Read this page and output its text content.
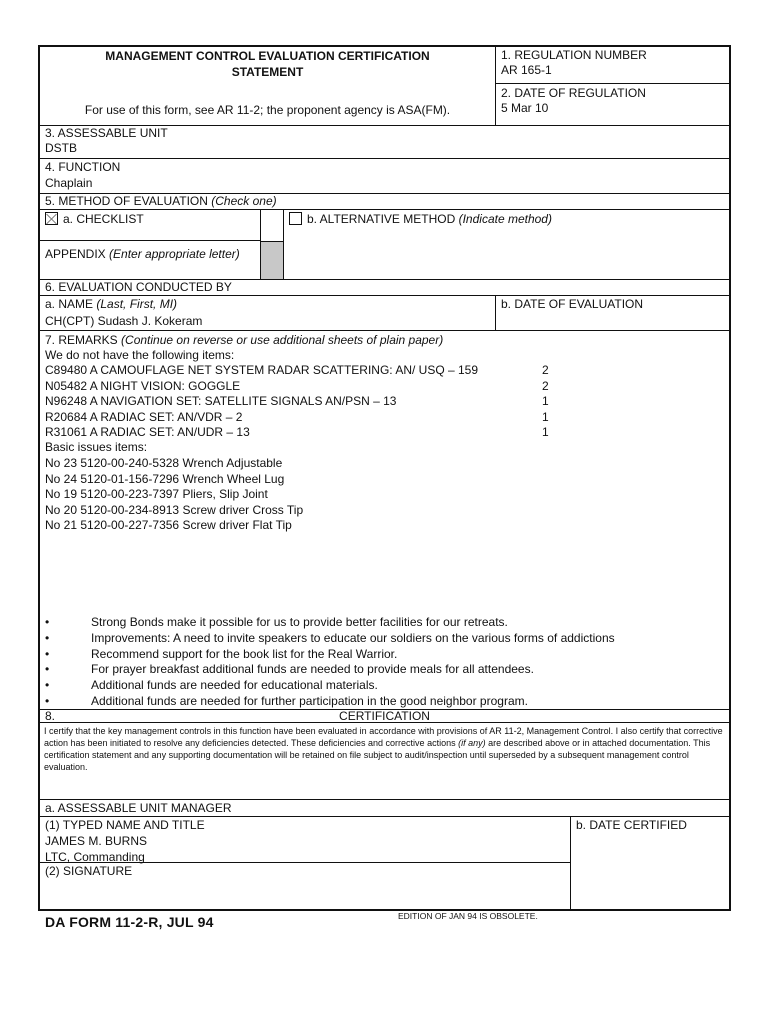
MANAGEMENT CONTROL EVALUATION CERTIFICATION
STATEMENT
For use of this form, see AR 11-2; the proponent agency is ASA(FM).
1. REGULATION NUMBER
AR 165-1
2. DATE OF REGULATION
5 Mar 10
3. ASSESSABLE UNIT
DSTB
4. FUNCTION
Chaplain
5. METHOD OF EVALUATION (Check one)
a. CHECKLIST
APPENDIX (Enter appropriate letter)
b. ALTERNATIVE METHOD (Indicate method)
6. EVALUATION CONDUCTED BY
a. NAME (Last, First, MI)
CH(CPT) Sudash J. Kokeram
b. DATE OF EVALUATION
7. REMARKS (Continue on reverse or use additional sheets of plain paper)
We do not have the following items:
C89480 A CAMOUFLAGE NET SYSTEM RADAR SCATTERING: AN/ USQ – 159	2
N05482 A NIGHT VISION: GOGGLE	2
N96248 A NAVIGATION SET: SATELLITE SIGNALS AN/PSN – 13	1
R20684 A RADIAC SET: AN/VDR – 2	1
R31061 A RADIAC SET: AN/UDR – 13	1
Basic issues items:
No 23 5120-00-240-5328 Wrench Adjustable
No 24 5120-01-156-7296 Wrench Wheel Lug
No 19 5120-00-223-7397 Pliers, Slip Joint
No 20 5120-00-234-8913 Screw driver Cross Tip
No 21 5120-00-227-7356 Screw driver Flat Tip
•	Strong Bonds make it possible for us to provide better facilities for our retreats.
•	Improvements: A need to invite speakers to educate our soldiers on the various forms of addictions
•	Recommend support for the book list for the Real Warrior.
•	For prayer breakfast additional funds are needed to provide meals for all attendees.
•	Additional funds are needed for educational materials.
•	Additional funds are needed for further participation in the good neighbor program.
8.	CERTIFICATION
I certify that the key management controls in this function have been evaluated in accordance with provisions of AR 11-2, Management Control. I also certify that corrective action has been initiated to resolve any deficiencies detected. These deficiencies and corrective actions (if any) are described above or in attached documentation. This certification statement and any supporting documentation will be retained on file subject to audit/inspection until superseded by a subsequent management control evaluation.
a. ASSESSABLE UNIT MANAGER
(1) TYPED NAME AND TITLE
JAMES M. BURNS
LTC, Commanding
(2) SIGNATURE
b. DATE CERTIFIED
DA FORM 11-2-R, JUL 94	EDITION OF JAN 94 IS OBSOLETE.
